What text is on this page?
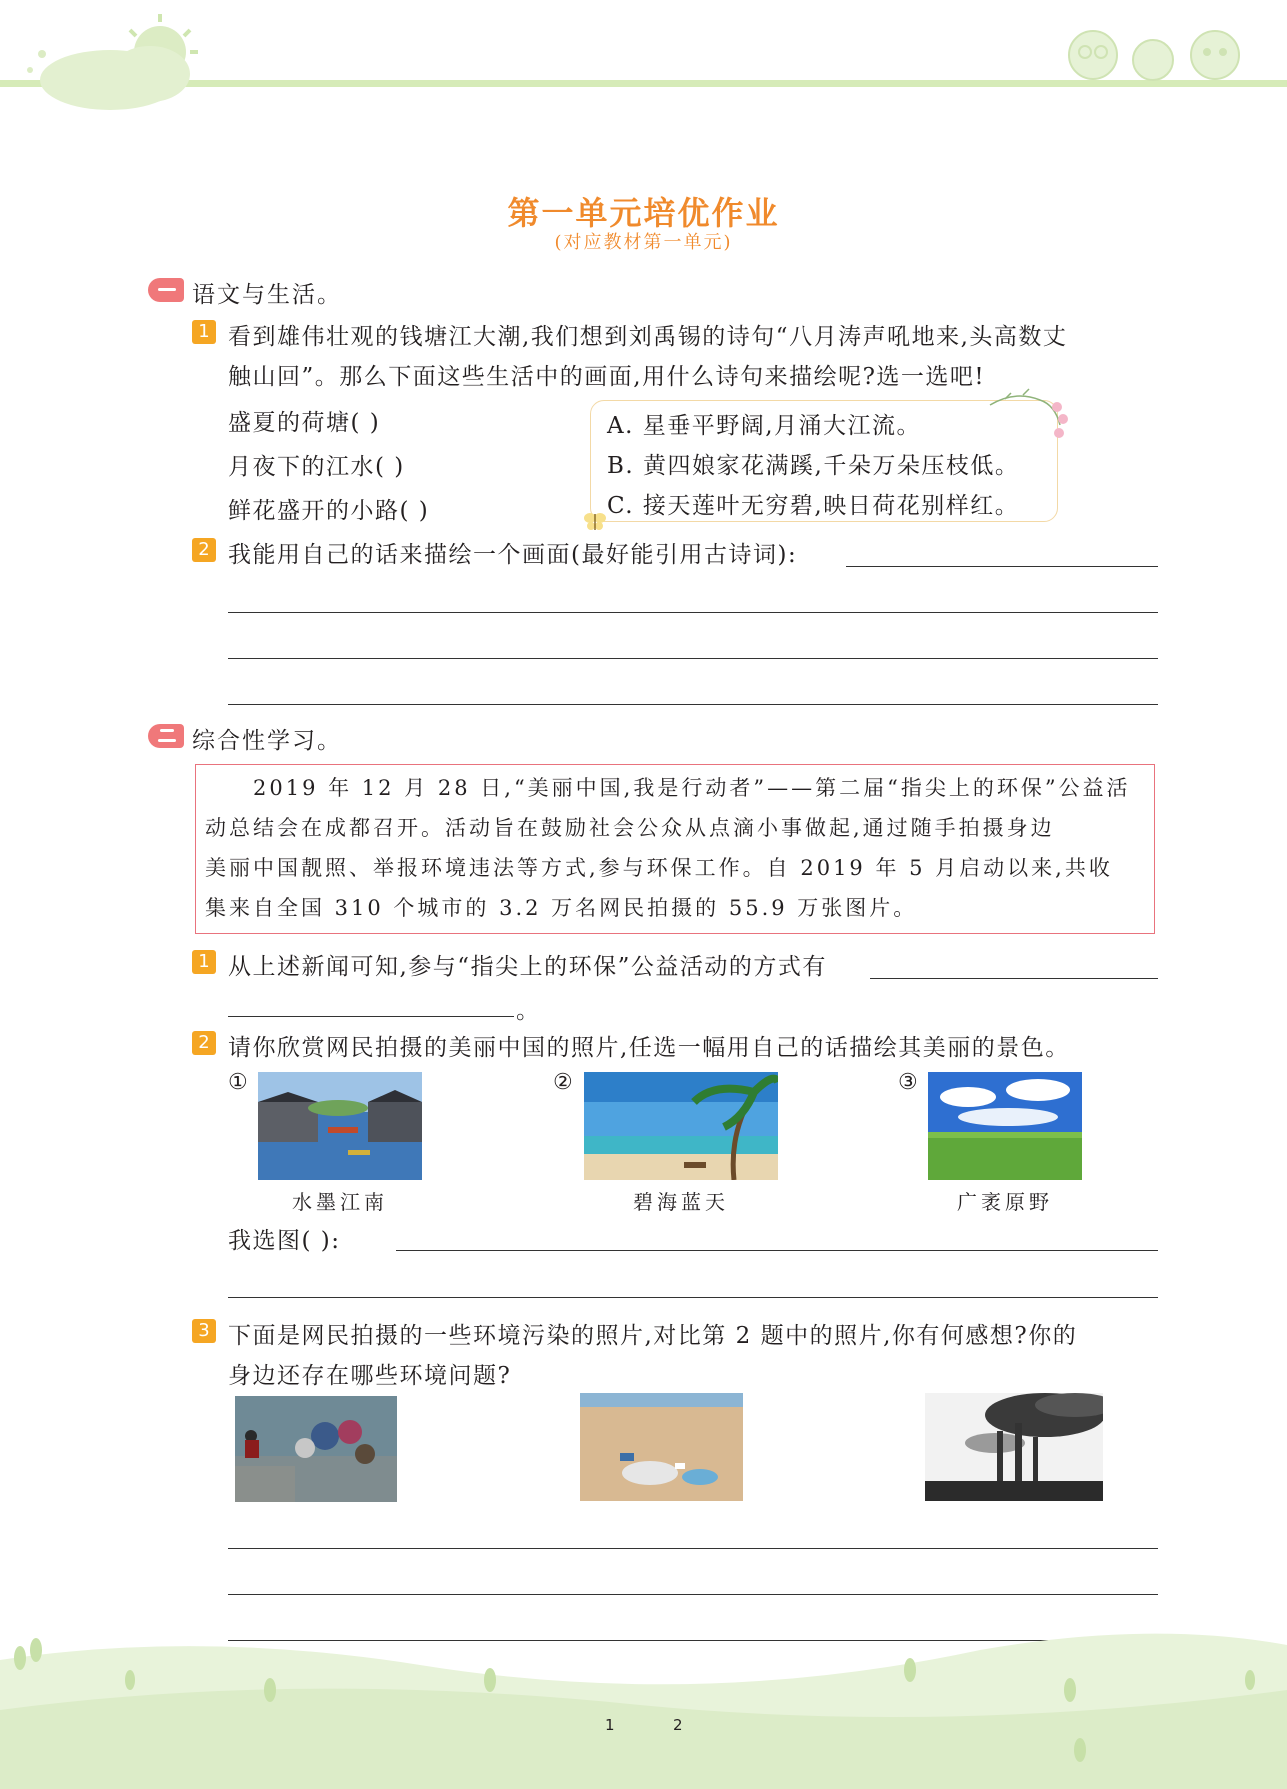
第一单元培优作业
(对应教材第一单元)
语文与生活。
1 看到雄伟壮观的钱塘江大潮,我们想到刘禹锡的诗句“八月涛声吼地来,头高数丈
触山回”。那么下面这些生活中的画面,用什么诗句来描绘呢?选一选吧!
盛夏的荷塘( )
月夜下的江水( )
鲜花盛开的小路( )
A. 星垂平野阔,月涌大江流。
B. 黄四娘家花满蹊,千朵万朵压枝低。
C. 接天莲叶无穷碧,映日荷花别样红。
2 我能用自己的话来描绘一个画面(最好能引用古诗词):
综合性学习。
2019 年 12 月 28 日,“美丽中国,我是行动者”——第二届“指尖上的环保”公益活
动总结会在成都召开。活动旨在鼓励社会公众从点滴小事做起,通过随手拍摄身边
美丽中国靓照、举报环境违法等方式,参与环保工作。自 2019 年 5 月启动以来,共收
集来自全国 310 个城市的 3.2 万名网民拍摄的 55.9 万张图片。
1 从上述新闻可知,参与“指尖上的环保”公益活动的方式有
。
2 请你欣赏网民拍摄的美丽中国的照片,任选一幅用自己的话描绘其美丽的景色。
①
水墨江南
②
碧海蓝天
③
广袤原野
我选图( ):
3 下面是网民拍摄的一些环境污染的照片,对比第 2 题中的照片,你有何感想?你的
身边还存在哪些环境问题?
1	2
